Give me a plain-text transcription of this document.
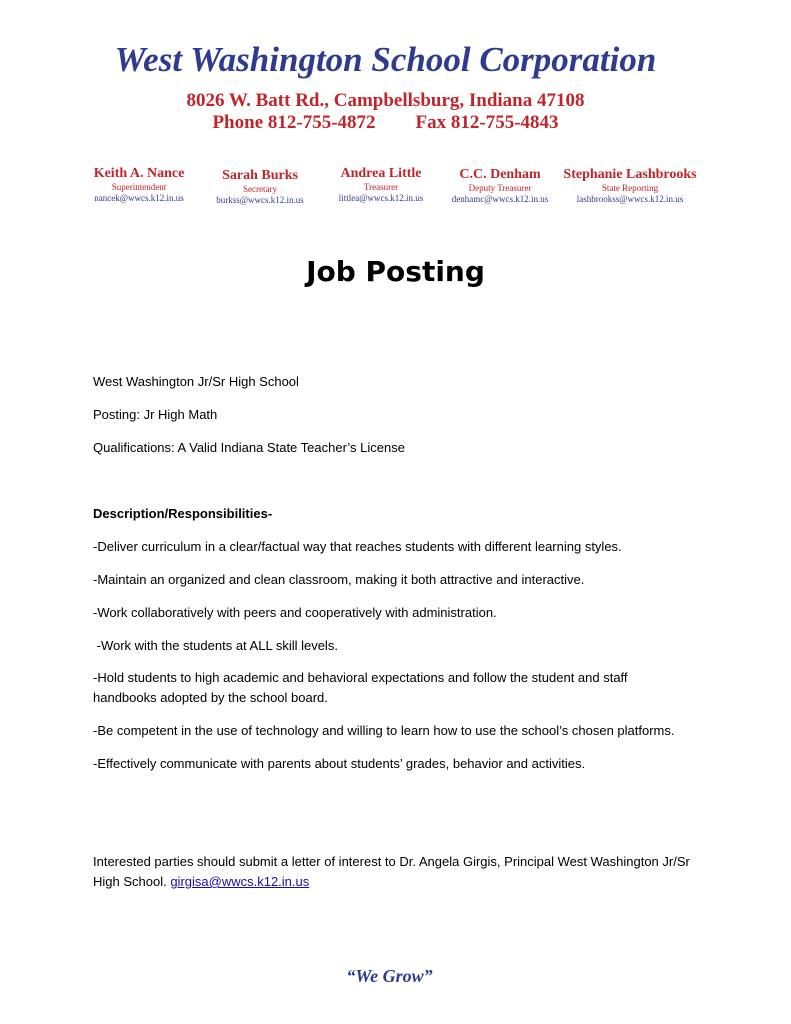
West Washington School Corporation
8026 W. Batt Rd., Campbellsburg, Indiana 47108
Phone 812-755-4872 Fax 812-755-4843
Keith A. Nance
Superintendent
nancek@wwcs.k12.in.us
Sarah Burks
Secretary
burkss@wwcs.k12.in.us
Andrea Little
Treasurer
littlea@wwcs.k12.in.us
C.C. Denham
Deputy Treasurer
denhamc@wwcs.k12.in.us
Stephanie Lashbrooks
State Reporting
lashbrookss@wwcs.k12.in.us
Job Posting
West Washington Jr/Sr High School
Posting: Jr High Math
Qualifications: A Valid Indiana State Teacher’s License
Description/Responsibilities-
-Deliver curriculum in a clear/factual way that reaches students with different learning styles.
-Maintain an organized and clean classroom, making it both attractive and interactive.
-Work collaboratively with peers and cooperatively with administration.
-Work with the students at ALL skill levels.
-Hold students to high academic and behavioral expectations and follow the student and staff handbooks adopted by the school board.
-Be competent in the use of technology and willing to learn how to use the school’s chosen platforms.
-Effectively communicate with parents about students’ grades, behavior and activities.
Interested parties should submit a letter of interest to Dr. Angela Girgis, Principal West Washington Jr/Sr High School. girgisa@wwcs.k12.in.us
“We Grow”
